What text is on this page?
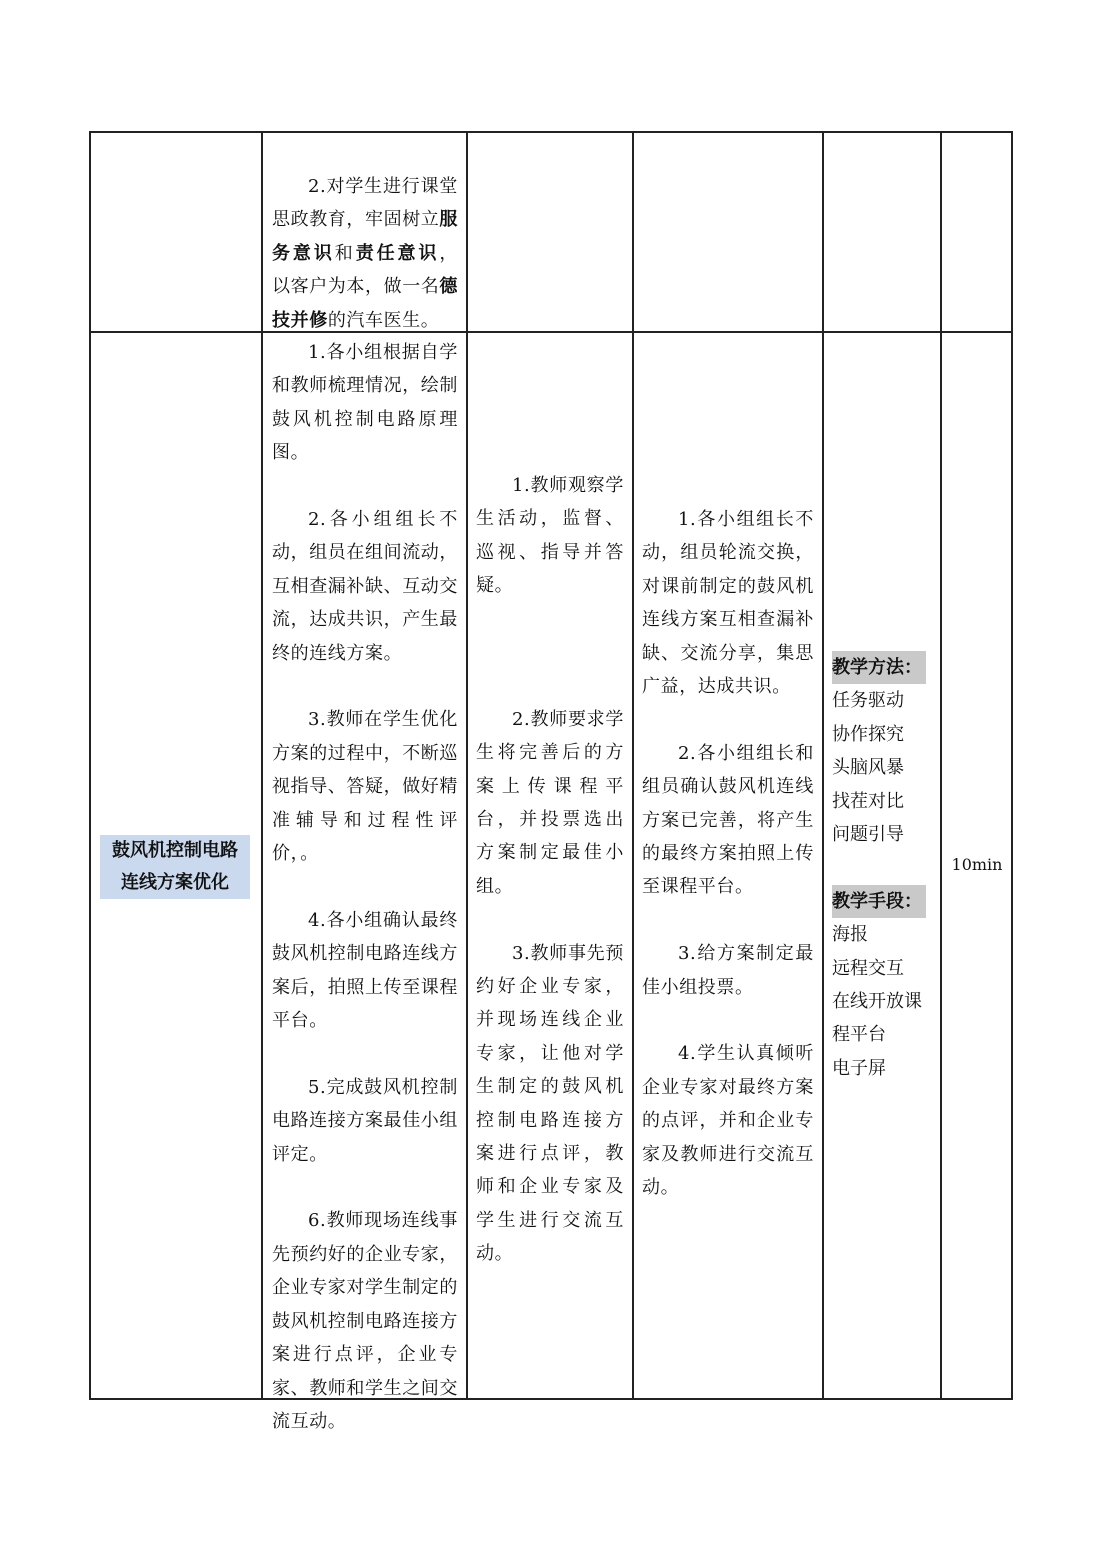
2.对学生进行课堂思政教育，牢固树立服务意识和责任意识，以客户为本，做一名德技并修的汽车医生。

鼓风机控制电路
连线方案优化

1.各小组根据自学和教师梳理情况，绘制鼓风机控制电路原理图。

2.各小组组长不动，组员在组间流动，互相查漏补缺、互动交流，达成共识，产生最终的连线方案。

3.教师在学生优化方案的过程中，不断巡视指导、答疑，做好精准辅导和过程性评价，。

4.各小组确认最终鼓风机控制电路连线方案后，拍照上传至课程平台。

5.完成鼓风机控制电路连接方案最佳小组评定。

6.教师现场连线事先预约好的企业专家，企业专家对学生制定的鼓风机控制电路连接方案进行点评，企业专家、教师和学生之间交流互动。

1.教师观察学生活动，监督、巡视、指导并答疑。

2.教师要求学生将完善后的方案上传课程平台，并投票选出方案制定最佳小组。

3.教师事先预约好企业专家，并现场连线企业专家，让他对学生制定的鼓风机控制电路连接方案进行点评，教师和企业专家及学生进行交流互动。

1.各小组组长不动，组员轮流交换，对课前制定的鼓风机连线方案互相查漏补缺、交流分享，集思广益，达成共识。

2.各小组组长和组员确认鼓风机连线方案已完善，将产生的最终方案拍照上传至课程平台。

3.给方案制定最佳小组投票。

4.学生认真倾听企业专家对最终方案的点评，并和企业专家及教师进行交流互动。

教学方法：
任务驱动
协作探究
头脑风暴
找茬对比
问题引导
教学手段：
海报
远程交互
在线开放课程平台
电子屏
10min
